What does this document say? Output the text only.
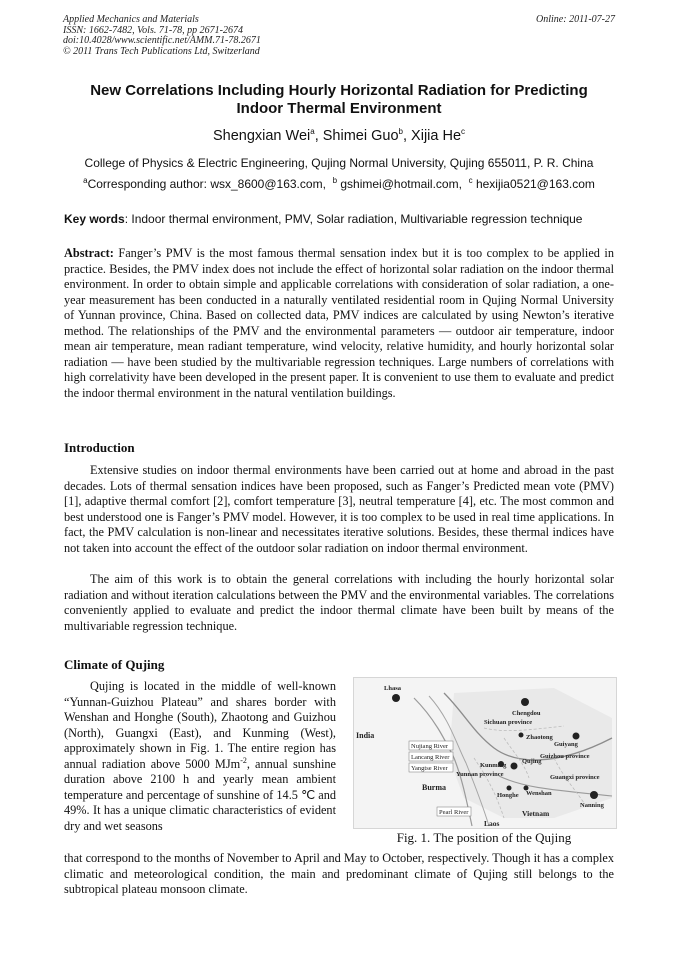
Applied Mechanics and Materials
ISSN: 1662-7482, Vols. 71-78, pp 2671-2674
doi:10.4028/www.scientific.net/AMM.71-78.2671
© 2011 Trans Tech Publications Ltd, Switzerland
Online: 2011-07-27
New Correlations Including Hourly Horizontal Radiation for Predicting
Indoor Thermal Environment
Shengxian Wei$^a$, Shimei Guo$^b$, Xijia He$^c$
College of Physics & Electric Engineering, Qujing Normal University, Qujing 655011, P. R. China
$^a$Corresponding author: wsx_8600@163.com, $^b$ gshimei@hotmail.com, $^c$ hexijia0521@163.com
Key words: Indoor thermal environment, PMV, Solar radiation, Multivariable regression technique
Abstract: Fanger’s PMV is the most famous thermal sensation index but it is too complex to be applied in practice. Besides, the PMV index does not include the effect of horizontal solar radiation on the indoor thermal environment. In order to obtain simple and applicable correlations with consideration of solar radiation, a one-year measurement has been conducted in a naturally ventilated residential room in Qujing Normal University of Yunnan province, China. Based on collected data, PMV indices are calculated by using Newton’s iterative method. The relationships of the PMV and the environmental parameters — outdoor air temperature, indoor mean air temperature, mean radiant temperature, wind velocity, relative humidity, and hourly horizontal solar radiation — have been studied by the multivariable regression techniques. Large numbers of correlations with high correlativity have been developed in the present paper. It is convenient to use them to evaluate and predict the indoor thermal environment in the natural ventilation buildings.
Introduction
Extensive studies on indoor thermal environments have been carried out at home and abroad in the past decades. Lots of thermal sensation indices have been proposed, such as Fanger’s Predicted mean vote (PMV) [1], adaptive thermal comfort [2], comfort temperature [3], neutral temperature [4], etc. The most common and best understood one is Fanger’s PMV model. However, it is too complex to be used in real time applications. In fact, the PMV calculation is non-linear and necessitates iterative solutions. Besides, these thermal indices have not taken into account the effect of the outdoor solar radiation on indoor thermal environment.
The aim of this work is to obtain the general correlations with including the hourly horizontal solar radiation and without iteration calculations between the PMV and the environmental variables. The correlations conveniently applied to evaluate and predict the indoor thermal climate have been built by means of the multivariable regression technique.
Climate of Qujing
Qujing is located in the middle of well-known “Yunnan-Guizhou Plateau” and shares border with Wenshan and Honghe (South), Zhaotong and Guizhou (North), Guangxi (East), and Kunming (West), approximately shown in Fig. 1. The entire region has annual radiation above 5000 MJm$^{-2}$, annual sunshine duration above 2100 h and yearly mean ambient temperature and percentage of sunshine of 14.5 ℃ and 49%. It has a unique climatic characteristics of evident dry and wet seasons
that correspond to the months of November to April and May to October, respectively. Though it has a complex climatic and meteorological condition, the main and predominant climate of Qujing still belongs to the subtropical plateau monsoon climate.
Lhasa
Chengdou
Sichuan province
India	Zhaotong
Guiyang
Guizhou province
Nujiang River
Lancang River
Yangtse River	Kunming
Yunnan province
Qujing
Burma
Honghe Wenshan
Guangxi province
Pearl River	Vietnam
Nanning
Laos
Fig. 1. The position of the Qujing
